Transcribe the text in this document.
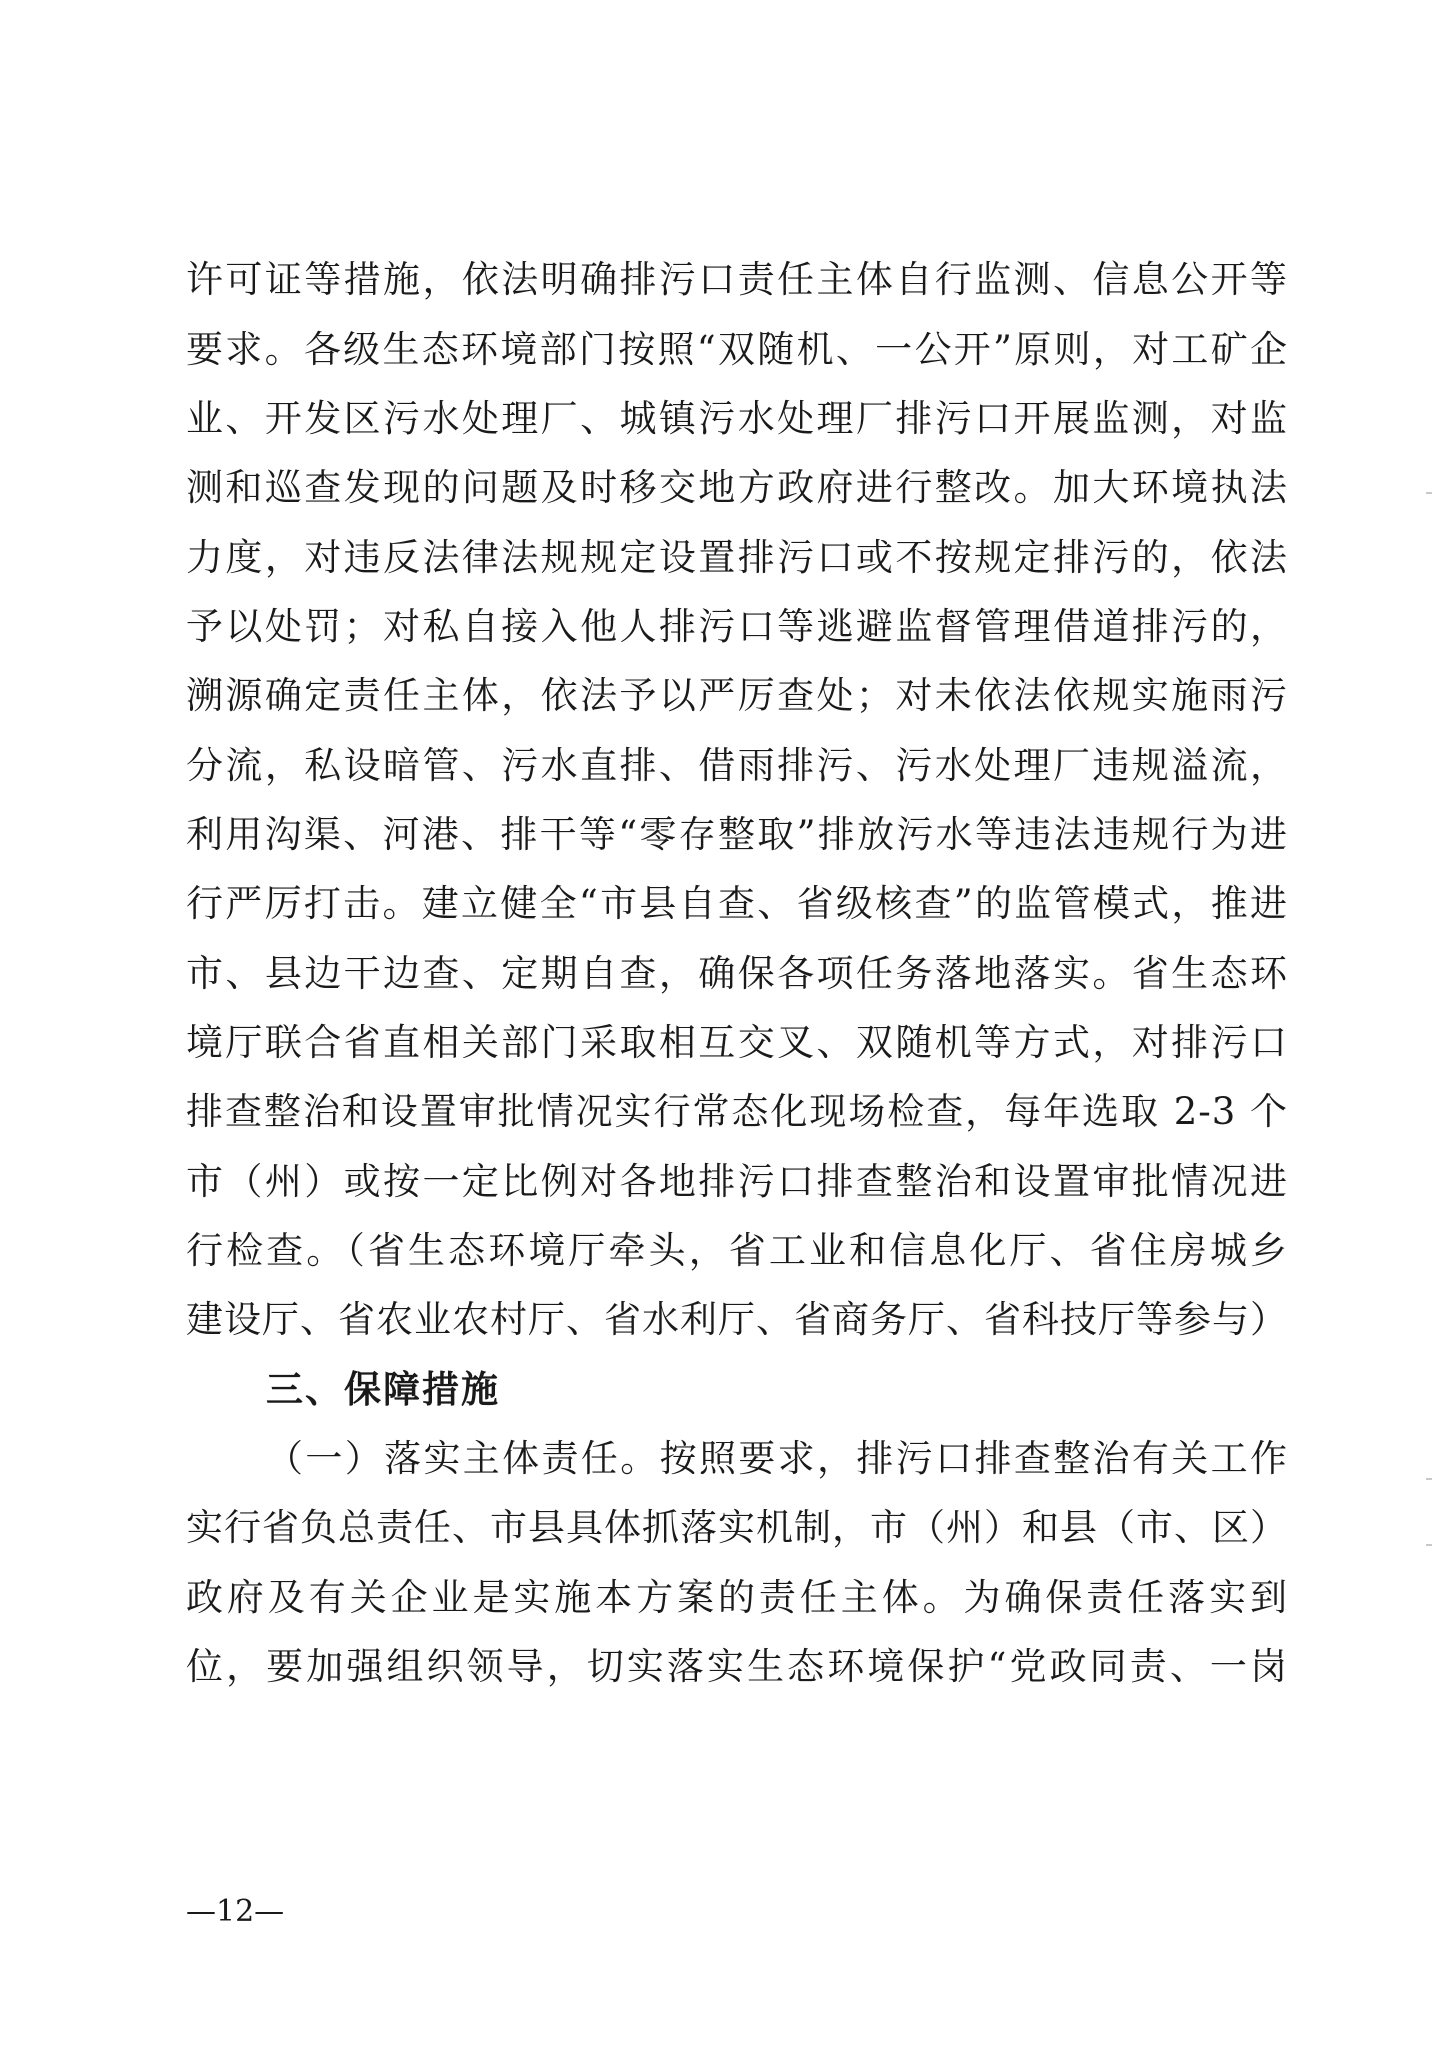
许可证等措施，依法明确排污口责任主体自行监测、信息公开等
要求。各级生态环境部门按照“双随机、一公开”原则，对工矿企
业、开发区污水处理厂、城镇污水处理厂排污口开展监测，对监
测和巡查发现的问题及时移交地方政府进行整改。加大环境执法
力度，对违反法律法规规定设置排污口或不按规定排污的，依法
予以处罚；对私自接入他人排污口等逃避监督管理借道排污的，
溯源确定责任主体，依法予以严厉查处；对未依法依规实施雨污
分流，私设暗管、污水直排、借雨排污、污水处理厂违规溢流，
利用沟渠、河港、排干等“零存整取”排放污水等违法违规行为进
行严厉打击。建立健全“市县自查、省级核查”的监管模式，推进
市、县边干边查、定期自查，确保各项任务落地落实。省生态环
境厅联合省直相关部门采取相互交叉、双随机等方式，对排污口
排查整治和设置审批情况实行常态化现场检查，每年选取 2-3 个
市（州）或按一定比例对各地排污口排查整治和设置审批情况进
行检查。（省生态环境厅牵头，省工业和信息化厅、省住房城乡
建设厅、省农业农村厅、省水利厅、省商务厅、省科技厅等参与）
三、保障措施
（一）落实主体责任。按照要求，排污口排查整治有关工作
实行省负总责任、市县具体抓落实机制，市（州）和县（市、区）
政府及有关企业是实施本方案的责任主体。为确保责任落实到
位，要加强组织领导，切实落实生态环境保护“党政同责、一岗
—12—
